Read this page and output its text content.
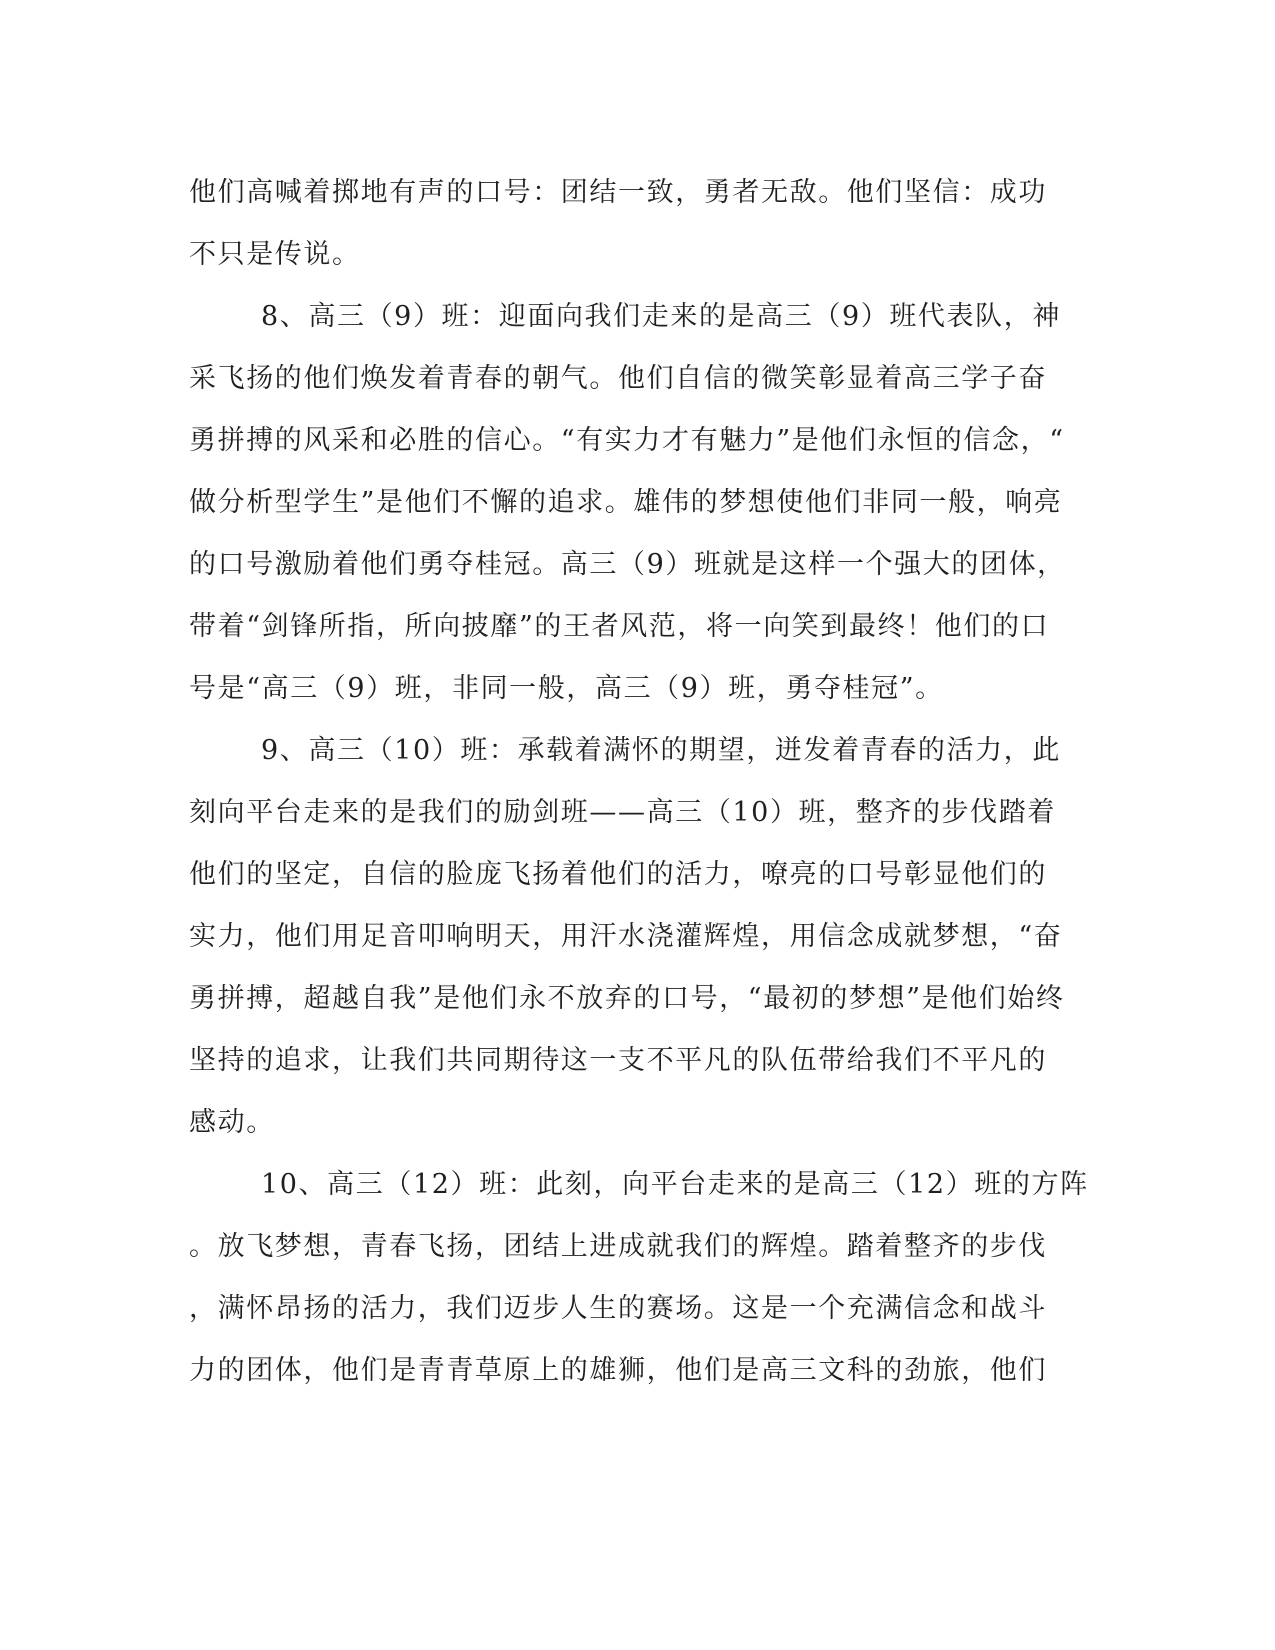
他们高喊着掷地有声的口号：团结一致，勇者无敌。他们坚信：成功
不只是传说。
8、高三（9）班：迎面向我们走来的是高三（9）班代表队，神
采飞扬的他们焕发着青春的朝气。他们自信的微笑彰显着高三学子奋
勇拼搏的风采和必胜的信心。“有实力才有魅力”是他们永恒的信念，“
做分析型学生”是他们不懈的追求。雄伟的梦想使他们非同一般，响亮
的口号激励着他们勇夺桂冠。高三（9）班就是这样一个强大的团体，
带着“剑锋所指，所向披靡”的王者风范，将一向笑到最终！他们的口
号是“高三（9）班，非同一般，高三（9）班，勇夺桂冠”。
9、高三（10）班：承载着满怀的期望，迸发着青春的活力，此
刻向平台走来的是我们的励剑班——高三（10）班，整齐的步伐踏着
他们的坚定，自信的脸庞飞扬着他们的活力，嘹亮的口号彰显他们的
实力，他们用足音叩响明天，用汗水浇灌辉煌，用信念成就梦想，“奋
勇拼搏，超越自我”是他们永不放弃的口号，“最初的梦想”是他们始终
坚持的追求，让我们共同期待这一支不平凡的队伍带给我们不平凡的
感动。
10、高三（12）班：此刻，向平台走来的是高三（12）班的方阵
。放飞梦想，青春飞扬，团结上进成就我们的辉煌。踏着整齐的步伐
，满怀昂扬的活力，我们迈步人生的赛场。这是一个充满信念和战斗
力的团体，他们是青青草原上的雄狮，他们是高三文科的劲旅，他们
